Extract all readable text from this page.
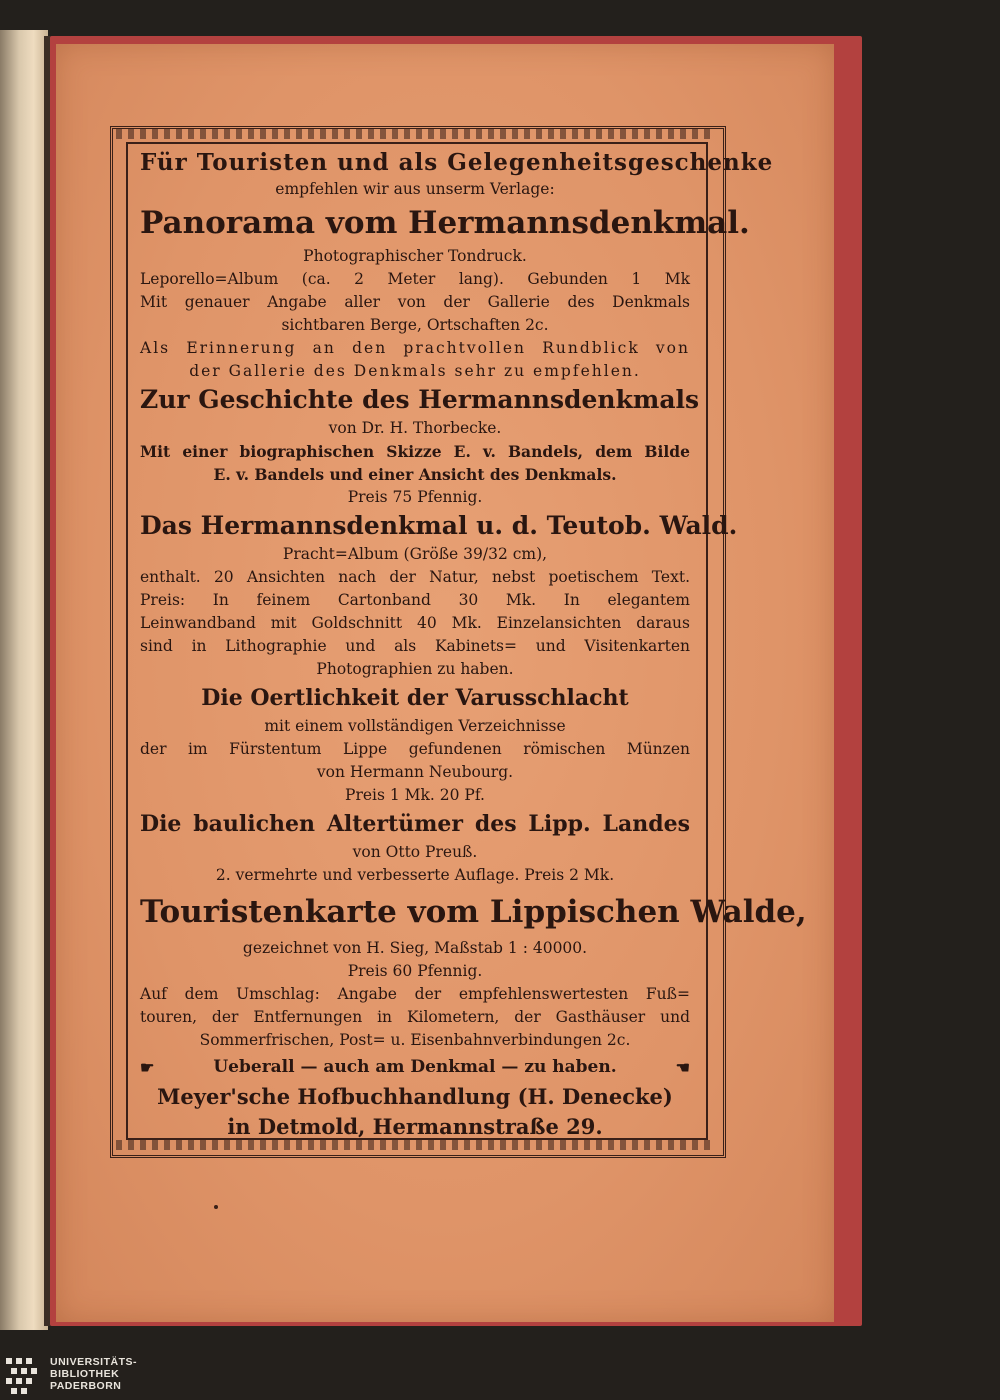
Für Touristen und als Gelegenheitsgeschenke
empfehlen wir aus unserm Verlage:
Panorama vom Hermannsdenkmal.
Photographischer Tondruck.
Leporello=Album (ca. 2 Meter lang). Gebunden 1 Mk
Mit genauer Angabe aller von der Gallerie des Denkmals
sichtbaren Berge, Ortschaften 2c.
Als Erinnerung an den prachtvollen Rundblick von
der Gallerie des Denkmals sehr zu empfehlen.
Zur Geschichte des Hermannsdenkmals
von Dr. H. Thorbecke.
Mit einer biographischen Skizze E. v. Bandels, dem Bilde
E. v. Bandels und einer Ansicht des Denkmals.
Preis 75 Pfennig.
Das Hermannsdenkmal u. d. Teutob. Wald.
Pracht=Album (Größe 39/32 cm),
enthalt. 20 Ansichten nach der Natur, nebst poetischem Text.
Preis: In feinem Cartonband 30 Mk. In elegantem
Leinwandband mit Goldschnitt 40 Mk. Einzelansichten daraus
sind in Lithographie und als Kabinets= und Visitenkarten
Photographien zu haben.
Die Oertlichkeit der Varusschlacht
mit einem vollständigen Verzeichnisse
der im Fürstentum Lippe gefundenen römischen Münzen
von Hermann Neubourg.
Preis 1 Mk. 20 Pf.
Die baulichen Altertümer des Lipp. Landes
von Otto Preuß.
2. vermehrte und verbesserte Auflage. Preis 2 Mk.
Touristenkarte vom Lippischen Walde,
gezeichnet von H. Sieg, Maßstab 1 : 40000.
Preis 60 Pfennig.
Auf dem Umschlag: Angabe der empfehlenswertesten Fuß=
touren, der Entfernungen in Kilometern, der Gasthäuser und
Sommerfrischen, Post= u. Eisenbahnverbindungen 2c.
☛	Ueberall — auch am Denkmal — zu haben.	☚
Meyer'sche Hofbuchhandlung (H. Denecke)
in Detmold, Hermannstraße 29.
UNIVERSITÄTS-
BIBLIOTHEK
PADERBORN
